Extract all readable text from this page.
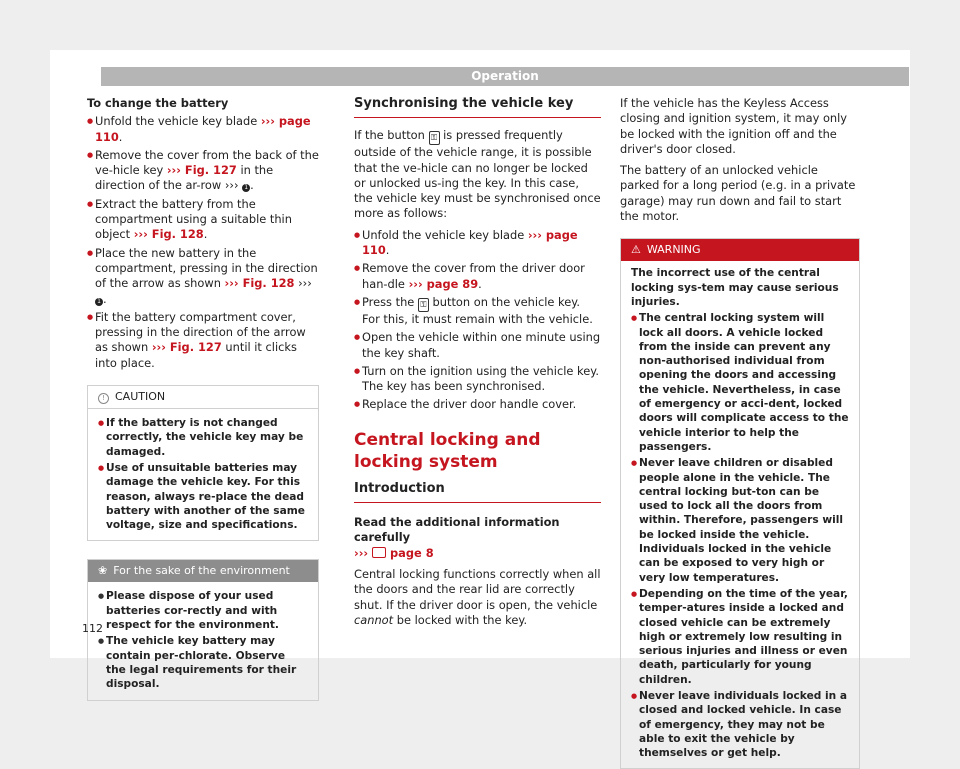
Operation

To change the battery

● Unfold the vehicle key blade ››› page 110.
● Remove the cover from the back of the ve-hicle key ››› Fig. 127 in the direction of the ar-row ››› 1 .
● Extract the battery from the compartment using a suitable thin object ››› Fig. 128.
● Place the new battery in the compartment, pressing in the direction of the arrow as shown ››› Fig. 128 ››› 1 .
● Fit the battery compartment cover, pressing in the direction of the arrow as shown ››› Fig. 127 until it clicks into place.
! CAUTION
● If the battery is not changed correctly, the vehicle key may be damaged.
● Use of unsuitable batteries may damage the vehicle key. For this reason, always re-place the dead battery with another of the same voltage, size and specifications.
❀ For the sake of the environment
● Please dispose of your used batteries cor-rectly and with respect for the environment.
● The vehicle key battery may contain per-chlorate. Observe the legal requirements for their disposal.
Synchronising the vehicle key

If the button ⚿ is pressed frequently outside of the vehicle range, it is possible that the ve-hicle can no longer be locked or unlocked us-ing the key. In this case, the vehicle key must be synchronised once more as follows:

● Unfold the vehicle key blade ››› page 110.
● Remove the cover from the driver door han-dle ››› page 89.
● Press the ⚿ button on the vehicle key. For this, it must remain with the vehicle.
● Open the vehicle within one minute using the key shaft.
● Turn on the ignition using the vehicle key. The key has been synchronised.
● Replace the driver door handle cover.
Central locking and locking system
Introduction

Read the additional information carefully
›››  page 8

Central locking functions correctly when all the doors and the rear lid are correctly shut. If the driver door is open, the vehicle cannot be locked with the key.

If the vehicle has the Keyless Access closing and ignition system, it may only be locked with the ignition off and the driver's door closed.

The battery of an unlocked vehicle parked for a long period (e.g. in a private garage) may run down and fail to start the motor.

⚠ WARNING

The incorrect use of the central locking sys-tem may cause serious injuries.

● The central locking system will lock all doors. A vehicle locked from the inside can prevent any non-authorised individual from opening the doors and accessing the vehicle. Nevertheless, in case of emergency or acci-dent, locked doors will complicate access to the vehicle interior to help the passengers.
● Never leave children or disabled people alone in the vehicle. The central locking but-ton can be used to lock all the doors from within. Therefore, passengers will be locked inside the vehicle. Individuals locked in the vehicle can be exposed to very high or very low temperatures.
● Depending on the time of the year, temper-atures inside a locked and closed vehicle can be extremely high or extremely low resulting in serious injuries and illness or even death, particularly for young children.
● Never leave individuals locked in a closed and locked vehicle. In case of emergency, they may not be able to exit the vehicle by themselves or get help.
112
